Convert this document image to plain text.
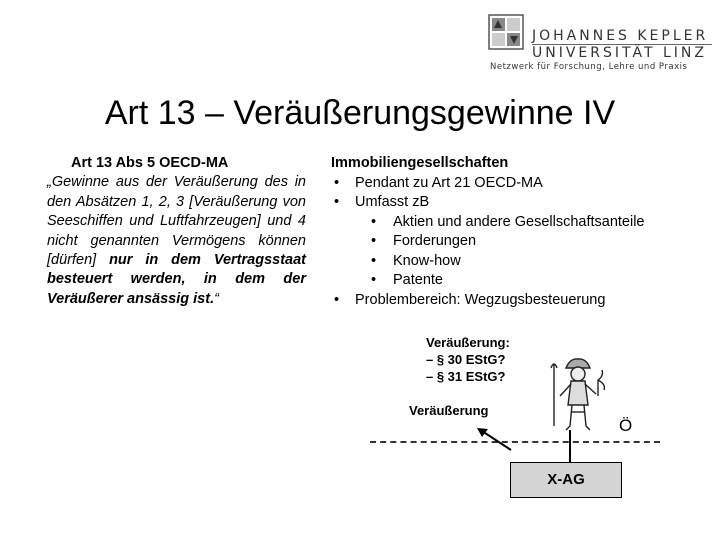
JOHANNES KEPLER
UNIVERSITÄT LINZ
Netzwerk für Forschung, Lehre und Praxis
Art 13 – Veräußerungsgewinne IV
Art 13 Abs 5 OECD-MA
„Gewinne aus der Veräußerung des in den Absätzen 1, 2, 3 [Veräußerung von Seeschiffen und Luftfahrzeugen] und 4 nicht genannten Vermögens können [dürfen] nur in dem Vertragsstaat besteuert werden, in dem der Veräußerer ansässig ist.“
Immobiliengesellschaften
• Pendant zu Art 21 OECD-MA
• Umfasst zB
• Aktien und andere Gesellschaftsanteile
• Forderungen
• Know-how
• Patente
• Problembereich: Wegzugsbesteuerung
Veräußerung:
– § 30 EStG?
– § 31 EStG?
Veräußerung
Ö
X-AG
